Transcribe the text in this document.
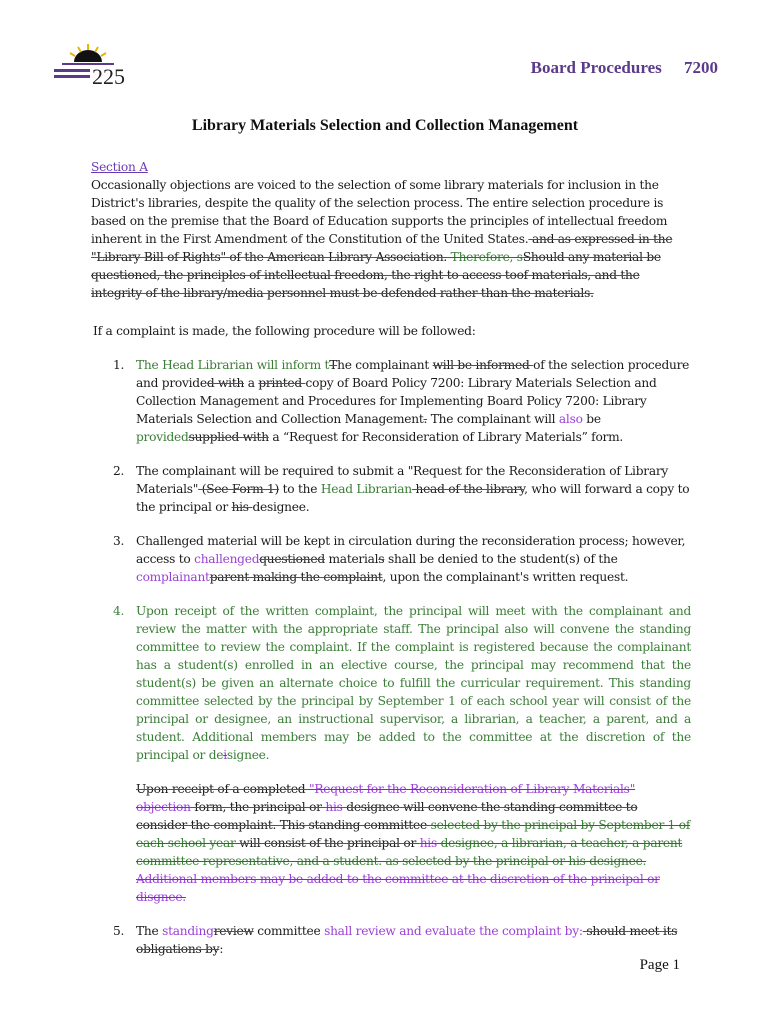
225	Board Procedures 7200
Library Materials Selection and Collection Management
Section A

Occasionally objections are voiced to the selection of some library materials for inclusion in the District's libraries, despite the quality of the selection process. The entire selection procedure is based on the premise that the Board of Education supports the principles of intellectual freedom inherent in the First Amendment of the Constitution of the United States. and as expressed in the "Library Bill of Rights" of the American Library Association. Therefore, sShould any material be questioned, the principles of intellectual freedom, the right to access toof materials, and the integrity of the library/media personnel must be defended rather than the materials.

If a complaint is made, the following procedure will be followed:

1. The Head Librarian will inform tThe complainant will be informed of the selection procedure and provided with a printed copy of Board Policy 7200: Library Materials Selection and Collection Management and Procedures for Implementing Board Policy 7200: Library Materials Selection and Collection Management. The complainant will also be providedsupplied with a “Request for Reconsideration of Library Materials” form.
2. The complainant will be required to submit a "Request for the Reconsideration of Library Materials" (See Form 1) to the Head Librarian head of the library, who will forward a copy to the principal or his designee.
3. Challenged material will be kept in circulation during the reconsideration process; however, access to challengedquestioned materials shall be denied to the student(s) of the complainantparent making the complaint, upon the complainant's written request.
4. Upon receipt of the written complaint, the principal will meet with the complainant and review the matter with the appropriate staff. The principal also will convene the standing committee to review the complaint. If the complaint is registered because the complainant has a student(s) enrolled in an elective course, the principal may recommend that the student(s) be given an alternate choice to fulfill the curricular requirement. This standing committee selected by the principal by September 1 of each school year will consist of the principal or designee, an instructional supervisor, a librarian, a teacher, a parent, and a student. Additional members may be added to the committee at the discretion of the principal or deisignee.

Upon receipt of a completed "Request for the Reconsideration of Library Materials" objection form, the principal or his designee will convene the standing committee to consider the complaint. This standing committee selected by the principal by September 1 of each school year will consist of the principal or his designee, a librarian, a teacher, a parent committee representative, and a student. as selected by the principal or his designee. Additional members may be added to the committee at the discretion of the principal or disgnee.

5. The standingreview committee shall review and evaluate the complaint by: should meet its obligations by:
Page 1
